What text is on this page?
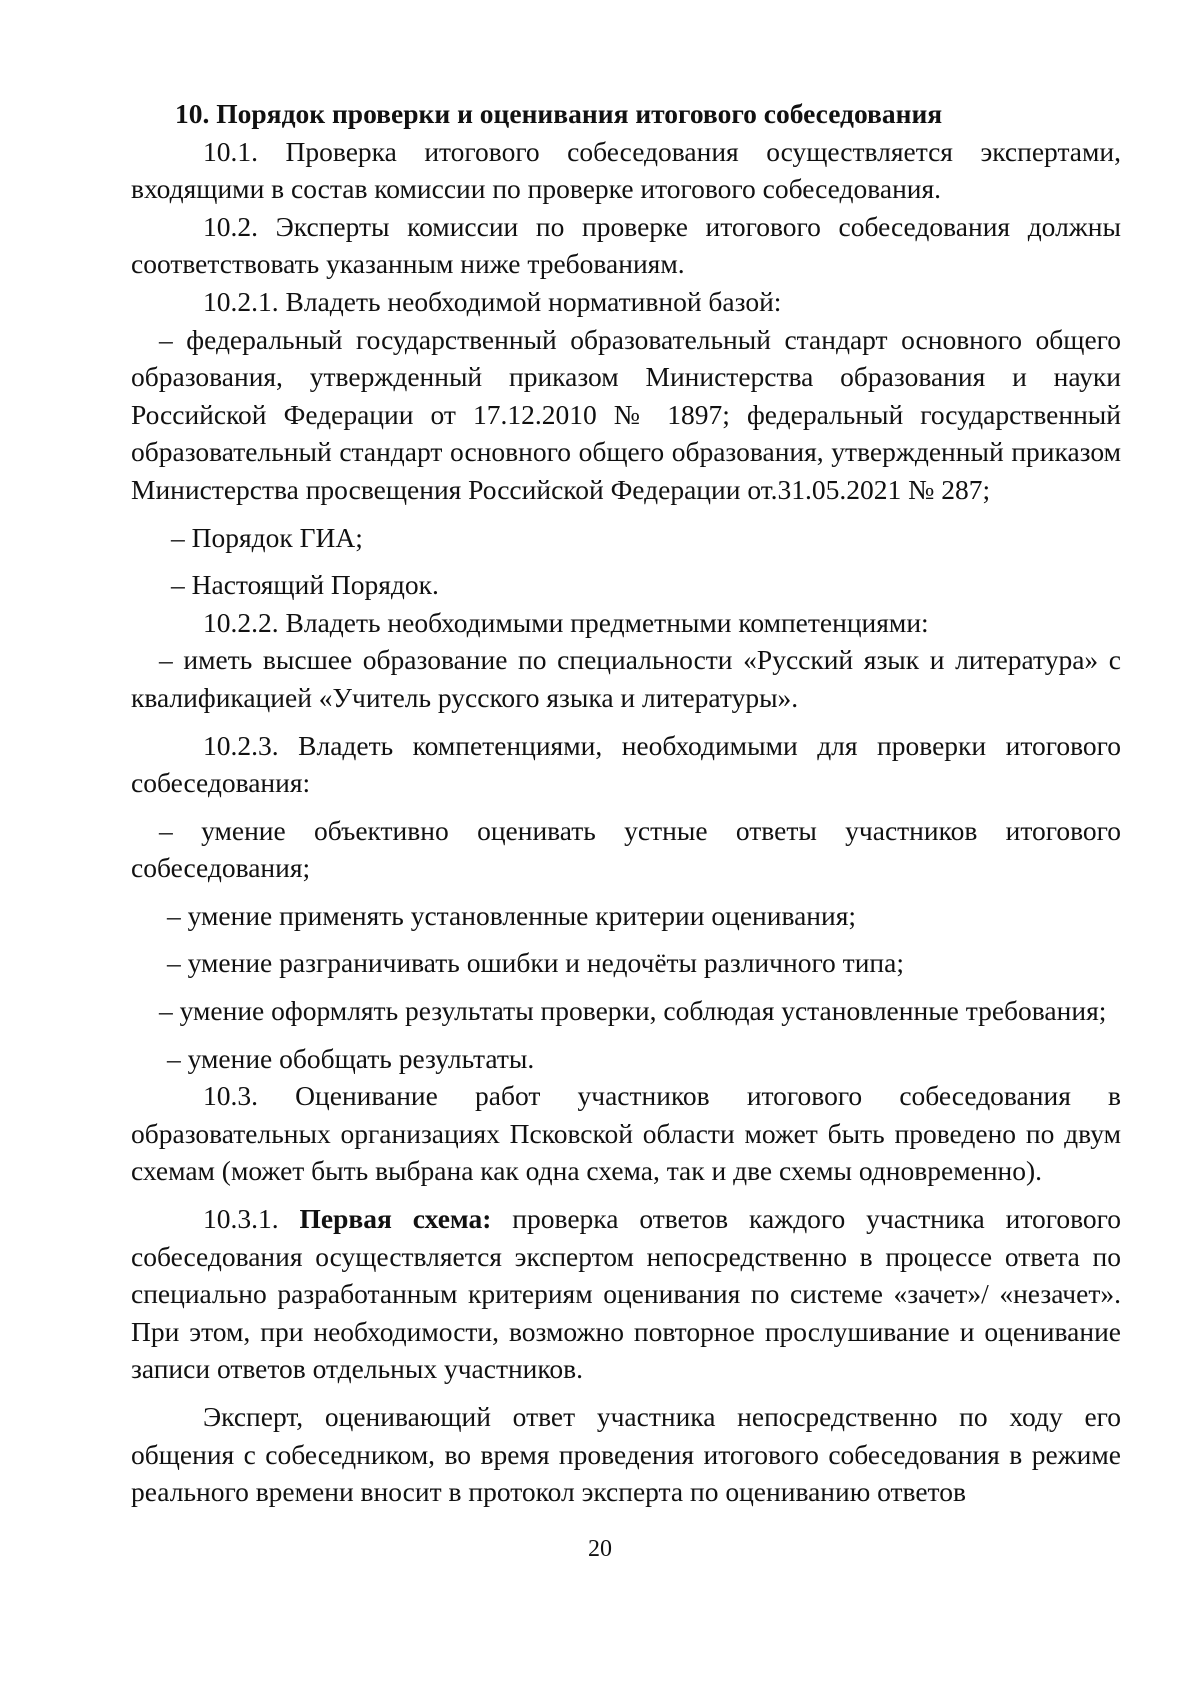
10. Порядок проверки и оценивания итогового собеседования

10.1. Проверка итогового собеседования осуществляется экспертами, входящими в состав комиссии по проверке итогового собеседования.

10.2. Эксперты комиссии по проверке итогового собеседования должны соответствовать указанным ниже требованиям.

10.2.1. Владеть необходимой нормативной базой:

– федеральный государственный образовательный стандарт основного общего образования, утвержденный приказом Министерства образования и науки Российской Федерации от 17.12.2010 № 1897; федеральный государственный образовательный стандарт основного общего образования, утвержденный приказом Министерства просвещения Российской Федерации от.31.05.2021 № 287;

– Порядок ГИА;

– Настоящий Порядок.

10.2.2. Владеть необходимыми предметными компетенциями:

– иметь высшее образование по специальности «Русский язык и литература» с квалификацией «Учитель русского языка и литературы».

10.2.3. Владеть компетенциями, необходимыми для проверки итогового собеседования:

– умение объективно оценивать устные ответы участников итогового собеседования;

– умение применять установленные критерии оценивания;

– умение разграничивать ошибки и недочёты различного типа;

– умение оформлять результаты проверки, соблюдая установленные требования;

– умение обобщать результаты.

10.3. Оценивание работ участников итогового собеседования в образовательных организациях Псковской области может быть проведено по двум схемам (может быть выбрана как одна схема, так и две схемы одновременно).

10.3.1. Первая схема: проверка ответов каждого участника итогового собеседования осуществляется экспертом непосредственно в процессе ответа по специально разработанным критериям оценивания по системе «зачет»/ «незачет». При этом, при необходимости, возможно повторное прослушивание и оценивание записи ответов отдельных участников.

Эксперт, оценивающий ответ участника непосредственно по ходу его общения с собеседником, во время проведения итогового собеседования в режиме реального времени вносит в протокол эксперта по оцениванию ответов

20
